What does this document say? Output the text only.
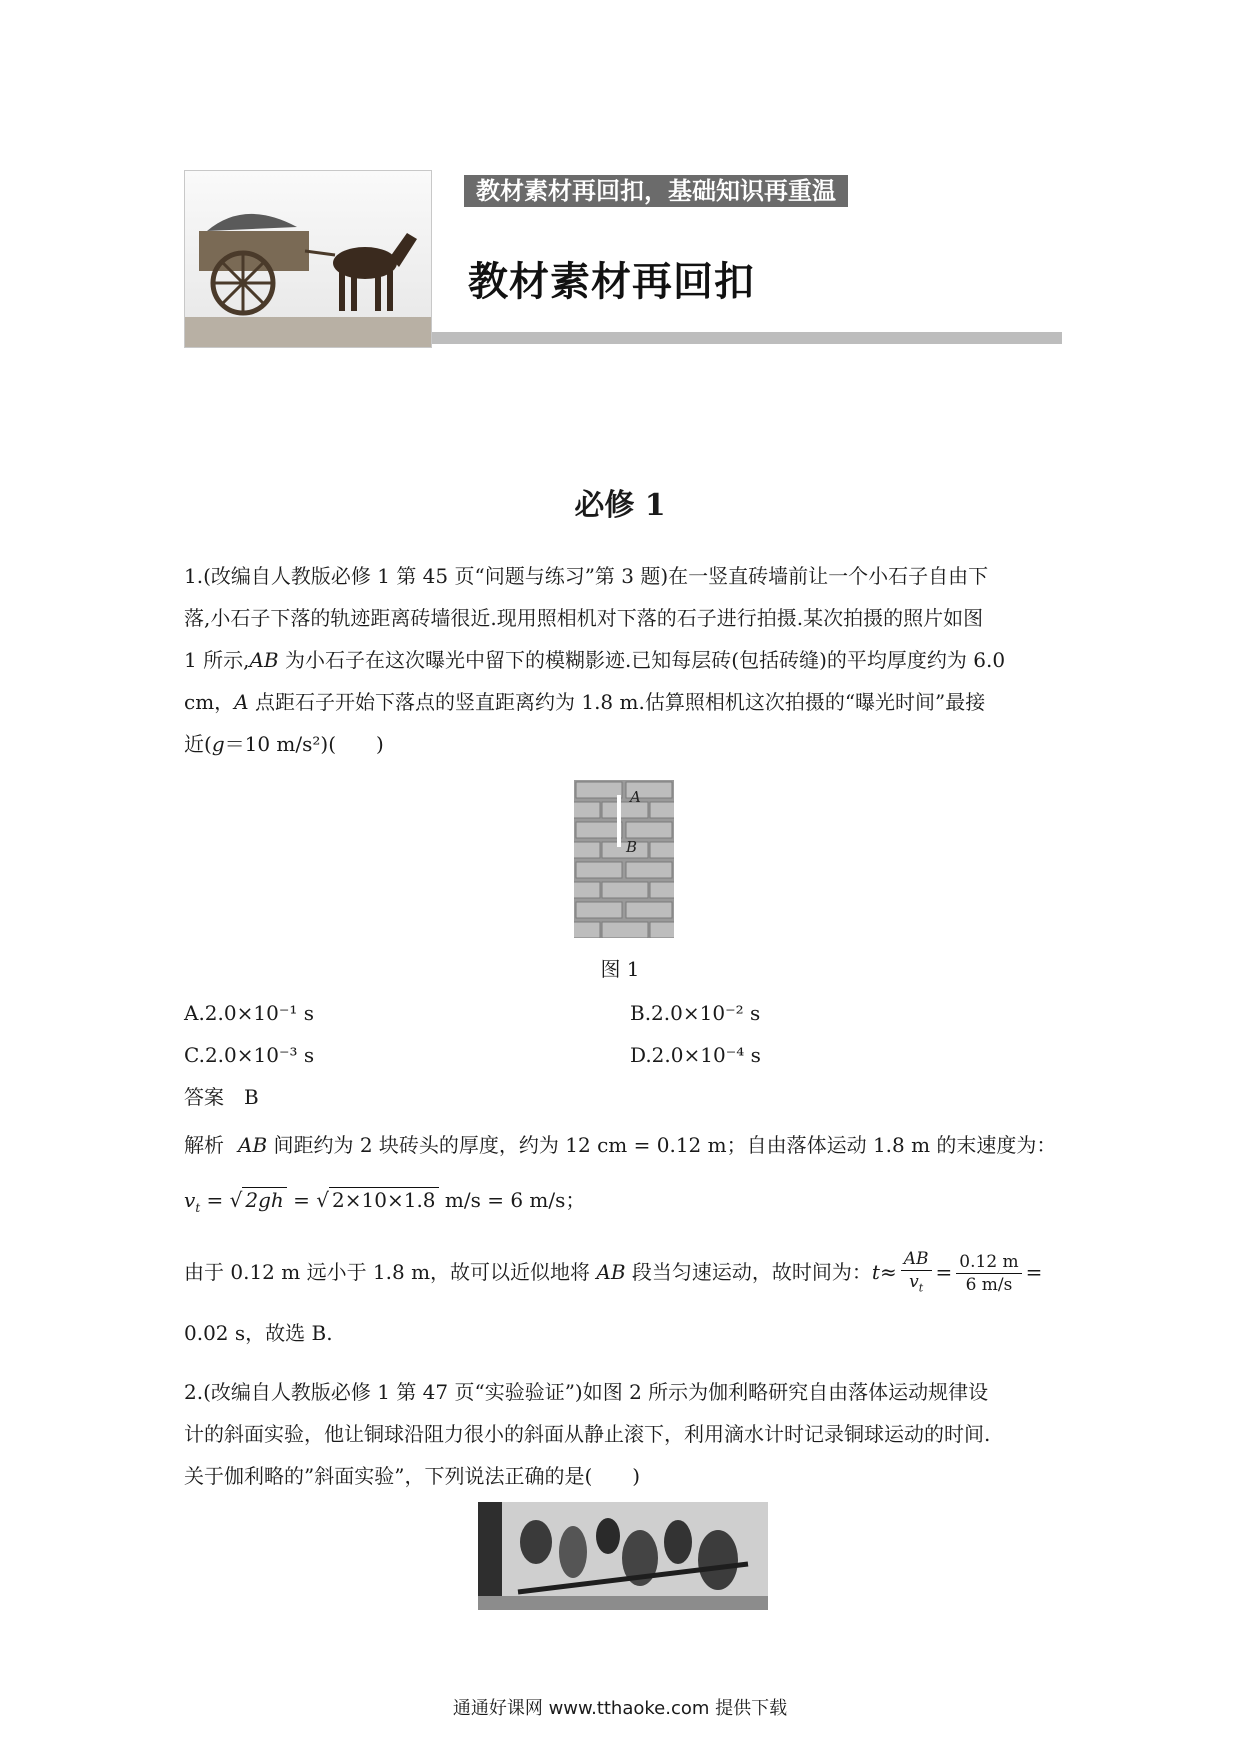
教材素材再回扣，基础知识再重温
教材素材再回扣
必修 1
1.(改编自人教版必修 1 第 45 页“问题与练习”第 3 题)在一竖直砖墙前让一个小石子自由下
落,小石子下落的轨迹距离砖墙很近.现用照相机对下落的石子进行拍摄.某次拍摄的照片如图
1 所示,AB 为小石子在这次曝光中留下的模糊影迹.已知每层砖(包括砖缝)的平均厚度约为 6.0
cm，A 点距石子开始下落点的竖直距离约为 1.8 m.估算照相机这次拍摄的“曝光时间”最接
近(g＝10 m/s²)(　　)
A
B
图 1
A.2.0×10⁻¹ s	B.2.0×10⁻² s
C.2.0×10⁻³ s	D.2.0×10⁻⁴ s
答案 B
解析 AB 间距约为 2 块砖头的厚度，约为 12 cm = 0.12 m；自由落体运动 1.8 m 的末速度为：
$v_t$ = √ 2gh = √ 2×10×1.8 m/s = 6 m/s；
由于 0.12 m 远小于 1.8 m，故可以近似地将 AB 段当匀速运动，故时间为：$t\approx \frac{AB}{v_t} = \frac{0.12 m}{6 m/s}$ =
0.02 s，故选 B.
2.(改编自人教版必修 1 第 47 页“实验验证”)如图 2 所示为伽利略研究自由落体运动规律设
计的斜面实验，他让铜球沿阻力很小的斜面从静止滚下，利用滴水计时记录铜球运动的时间.
关于伽利略的”斜面实验”，下列说法正确的是(　　)
通通好课网 www.tthaoke.com 提供下载
